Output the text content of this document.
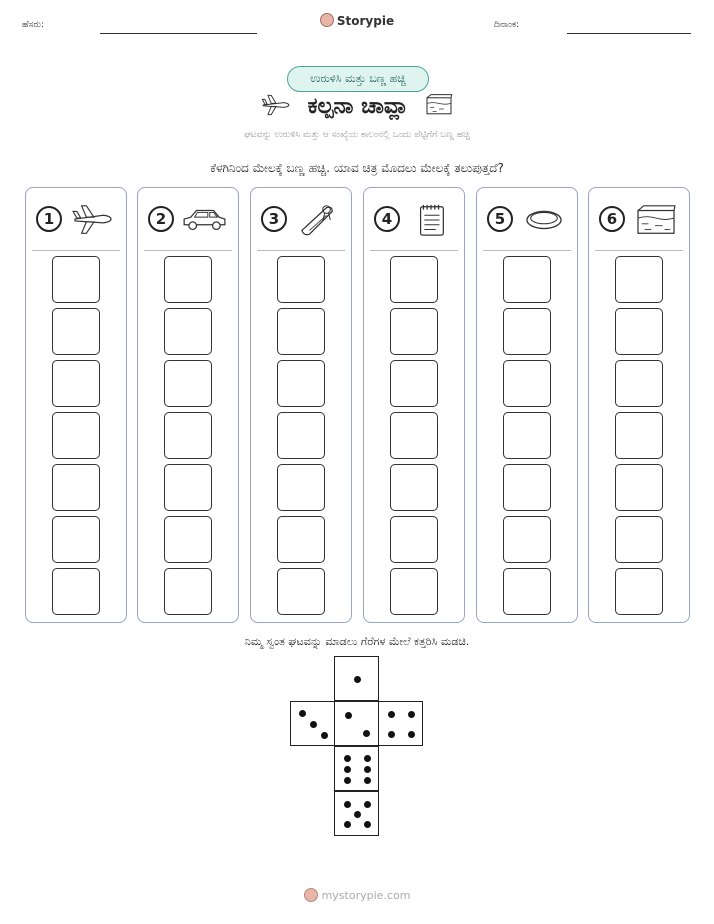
ಹೆಸರು:	Storypie	ದಿನಾಂಕ:
ಉರುಳಿಸಿ ಮತ್ತು ಬಣ್ಣ ಹಚ್ಚಿ
ಕಲ್ಪನಾ ಚಾವ್ಲಾ
ಘಟವನ್ನು ಉರುಳಿಸಿ ಮತ್ತು ಆ ಸಂಖ್ಯೆಯ ಕಾಲಂನಲ್ಲಿ ಒಂದು ಪೆಟ್ಟಿಗೆಗೆ ಬಣ್ಣ ಹಚ್ಚಿ
ಕೆಳಗಿನಿಂದ ಮೇಲಕ್ಕೆ ಬಣ್ಣ ಹಚ್ಚಿ. ಯಾವ ಚಿತ್ರ ಮೊದಲು ಮೇಲಕ್ಕೆ ತಲುಪುತ್ತದೆ?
1	2	3	4	5	6
ನಿಮ್ಮ ಸ್ವಂತ ಘಟವನ್ನು ಮಾಡಲು ಗೆರೆಗಳ ಮೇಲೆ ಕತ್ತರಿಸಿ ಮಡಚಿ.
mystorypie.com
